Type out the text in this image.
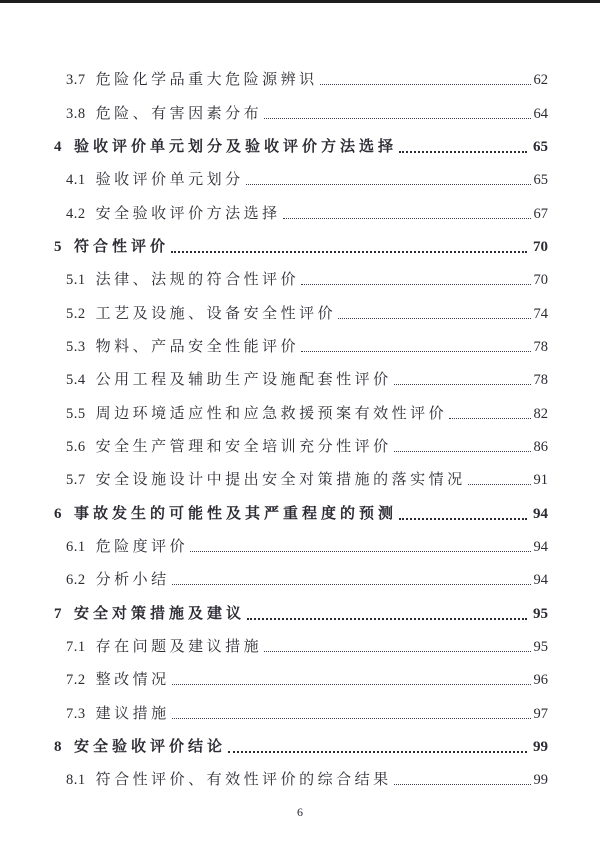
3.7 危险化学品重大危险源辨识	62
3.8 危险、有害因素分布	64
4 验收评价单元划分及验收评价方法选择	65
4.1 验收评价单元划分	65
4.2 安全验收评价方法选择	67
5 符合性评价	70
5.1 法律、法规的符合性评价	70
5.2 工艺及设施、设备安全性评价	74
5.3 物料、产品安全性能评价	78
5.4 公用工程及辅助生产设施配套性评价	78
5.5 周边环境适应性和应急救援预案有效性评价	82
5.6 安全生产管理和安全培训充分性评价	86
5.7 安全设施设计中提出安全对策措施的落实情况	91
6 事故发生的可能性及其严重程度的预测	94
6.1 危险度评价	94
6.2 分析小结	94
7 安全对策措施及建议	95
7.1 存在问题及建议措施	95
7.2 整改情况	96
7.3 建议措施	97
8 安全验收评价结论	99
8.1 符合性评价、有效性评价的综合结果	99
6
